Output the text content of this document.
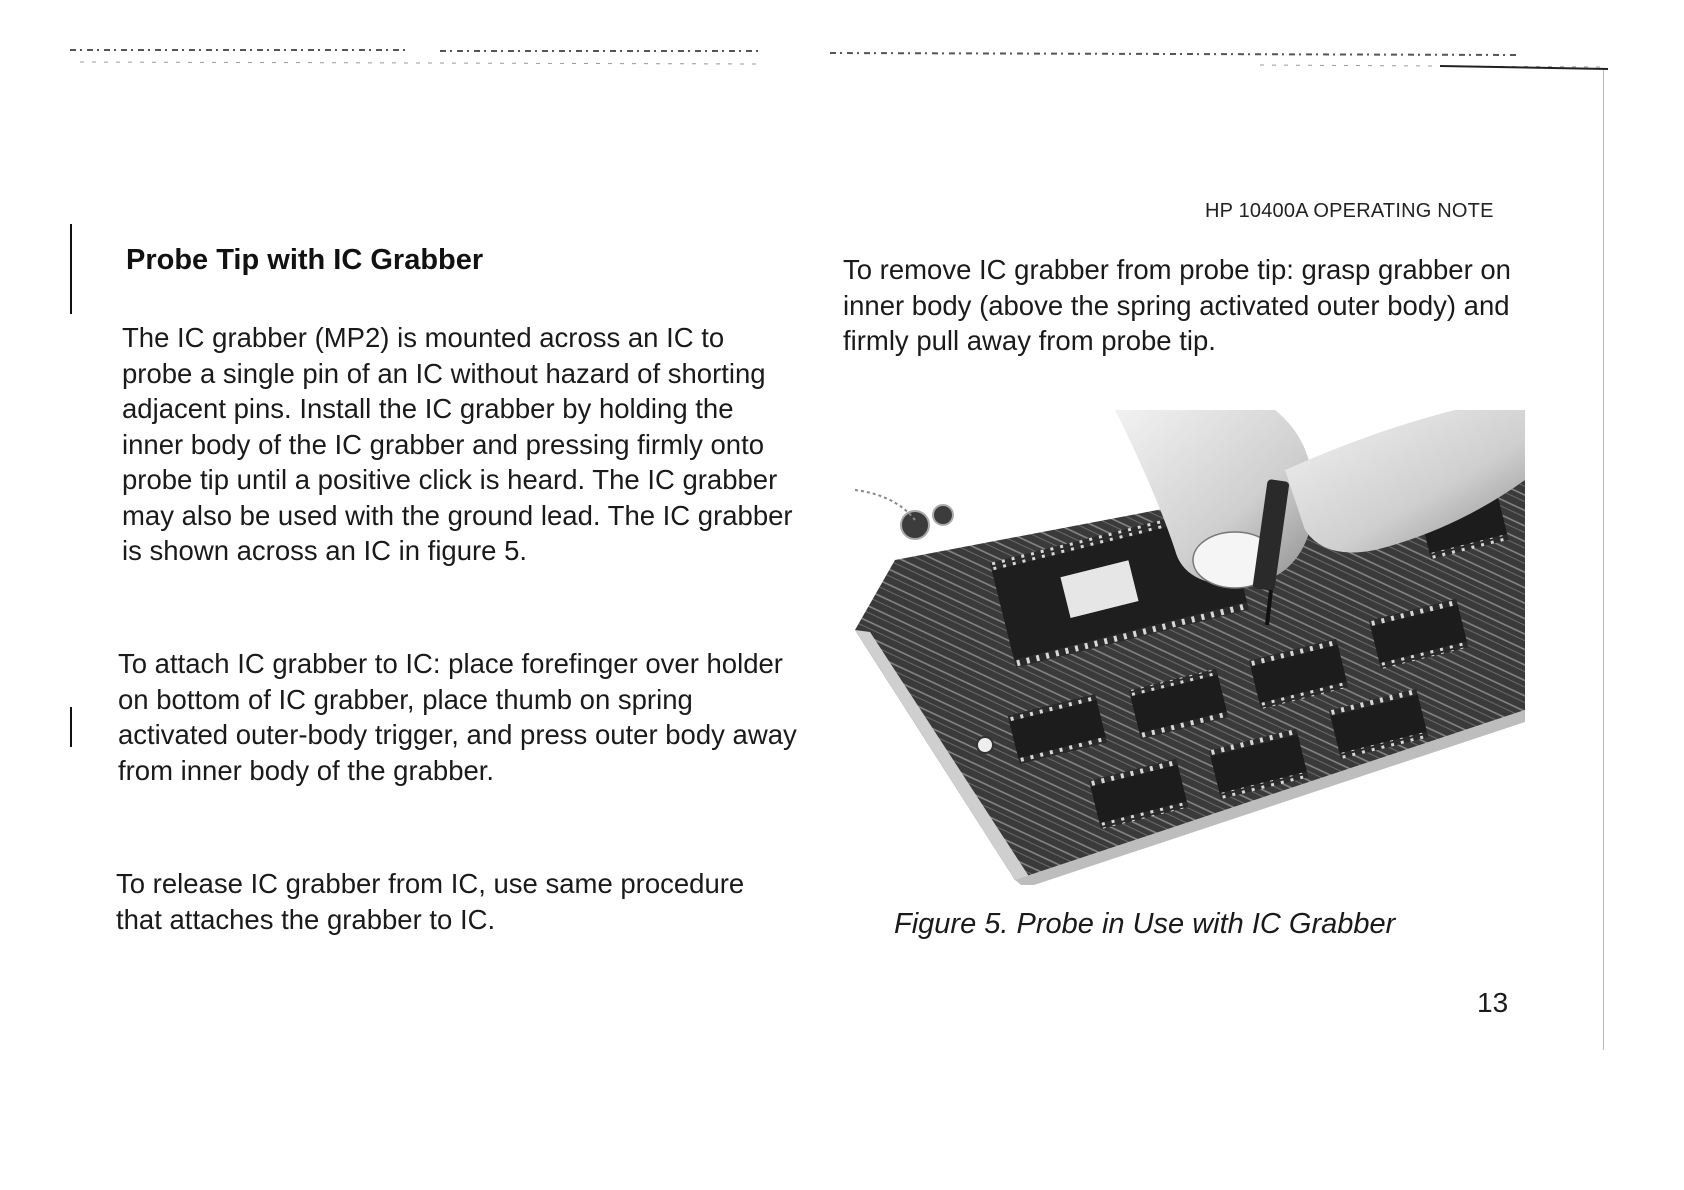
HP 10400A OPERATING NOTE
Probe Tip with IC Grabber

The IC grabber (MP2) is mounted across an IC to probe a single pin of an IC without hazard of shorting adjacent pins. Install the IC grabber by holding the inner body of the IC grabber and pressing firmly onto probe tip until a positive click is heard. The IC grabber may also be used with the ground lead. The IC grabber is shown across an IC in figure 5.

To attach IC grabber to IC: place forefinger over holder on bottom of IC grabber, place thumb on spring activated outer-body trigger, and press outer body away from inner body of the grabber.

To release IC grabber from IC, use same procedure that attaches the grabber to IC.

To remove IC grabber from probe tip: grasp grabber on inner body (above the spring activated outer body) and firmly pull away from probe tip.

Figure 5. Probe in Use with IC Grabber
13
